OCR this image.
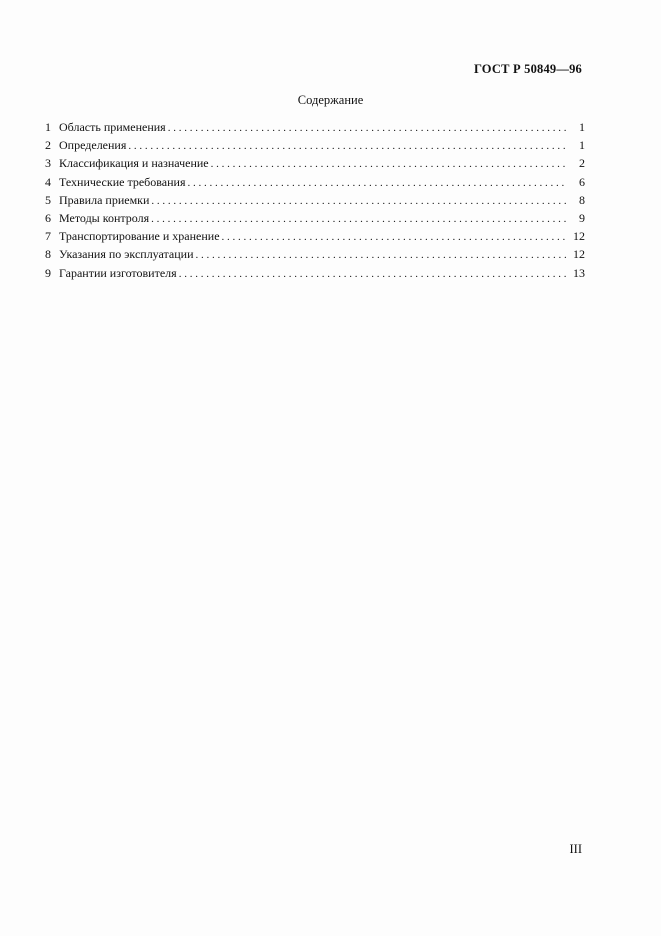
ГОСТ Р 50849—96
Содержание
1 Область применения . . .	1
2 Определения . . .	1
3 Классификация и назначение . . .	2
4 Технические требования . . .	6
5 Правила приемки . . .	8
6 Методы контроля . . .	9
7 Транспортирование и хранение . . .	12
8 Указания по эксплуатации . . .	12
9 Гарантии изготовителя . . .	13
III
